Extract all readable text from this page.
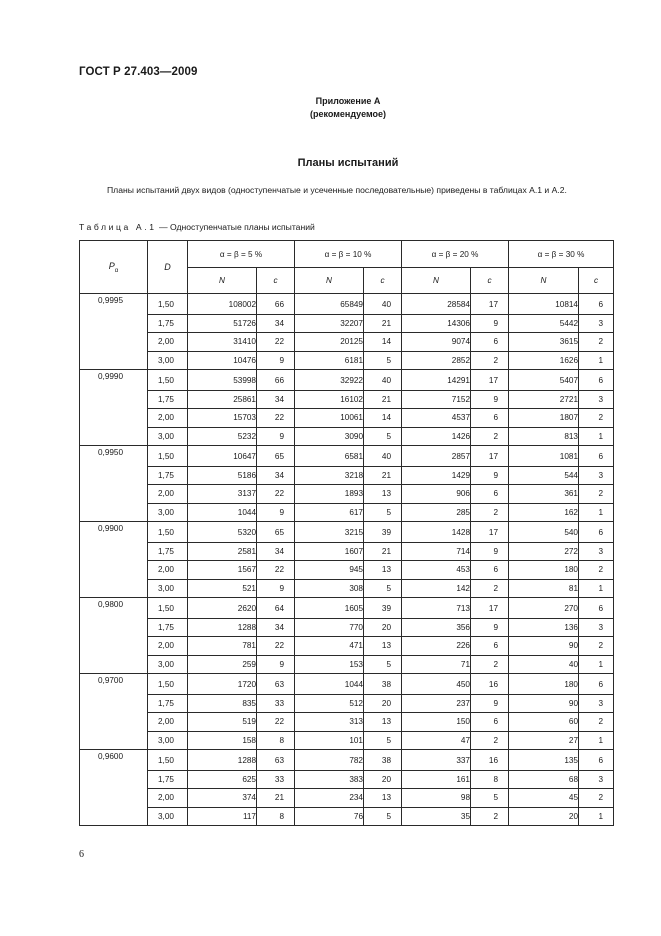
ГОСТ Р 27.403—2009
Приложение А
(рекомендуемое)
Планы испытаний
Планы испытаний двух видов (одноступенчатые и усеченные последовательные) приведены в таблицах А.1 и А.2.
Таблица А.1 — Одноступенчатые планы испытаний
$P_\alpha$	D	α = β = 5 %		α = β = 10 %		α = β = 20 %		α = β = 30 %	
		N	c	N	c	N	c	N	c
0,9995	1,50	108002	66	65849	40	28584	17	10814	6
	1,75	51726	34	32207	21	14306	9	5442	3
	2,00	31410	22	20125	14	9074	6	3615	2
	3,00	10476	9	6181	5	2852	2	1626	1
0,9990	1,50	53998	66	32922	40	14291	17	5407	6
	1,75	25861	34	16102	21	7152	9	2721	3
	2,00	15703	22	10061	14	4537	6	1807	2
	3,00	5232	9	3090	5	1426	2	813	1
0,9950	1,50	10647	65	6581	40	2857	17	1081	6
	1,75	5186	34	3218	21	1429	9	544	3
	2,00	3137	22	1893	13	906	6	361	2
	3,00	1044	9	617	5	285	2	162	1
0,9900	1,50	5320	65	3215	39	1428	17	540	6
	1,75	2581	34	1607	21	714	9	272	3
	2,00	1567	22	945	13	453	6	180	2
	3,00	521	9	308	5	142	2	81	1
0,9800	1,50	2620	64	1605	39	713	17	270	6
	1,75	1288	34	770	20	356	9	136	3
	2,00	781	22	471	13	226	6	90	2
	3,00	259	9	153	5	71	2	40	1
0,9700	1,50	1720	63	1044	38	450	16	180	6
	1,75	835	33	512	20	237	9	90	3
	2,00	519	22	313	13	150	6	60	2
	3,00	158	8	101	5	47	2	27	1
0,9600	1,50	1288	63	782	38	337	16	135	6
	1,75	625	33	383	20	161	8	68	3
	2,00	374	21	234	13	98	5	45	2
	3,00	117	8	76	5	35	2	20	1
6
